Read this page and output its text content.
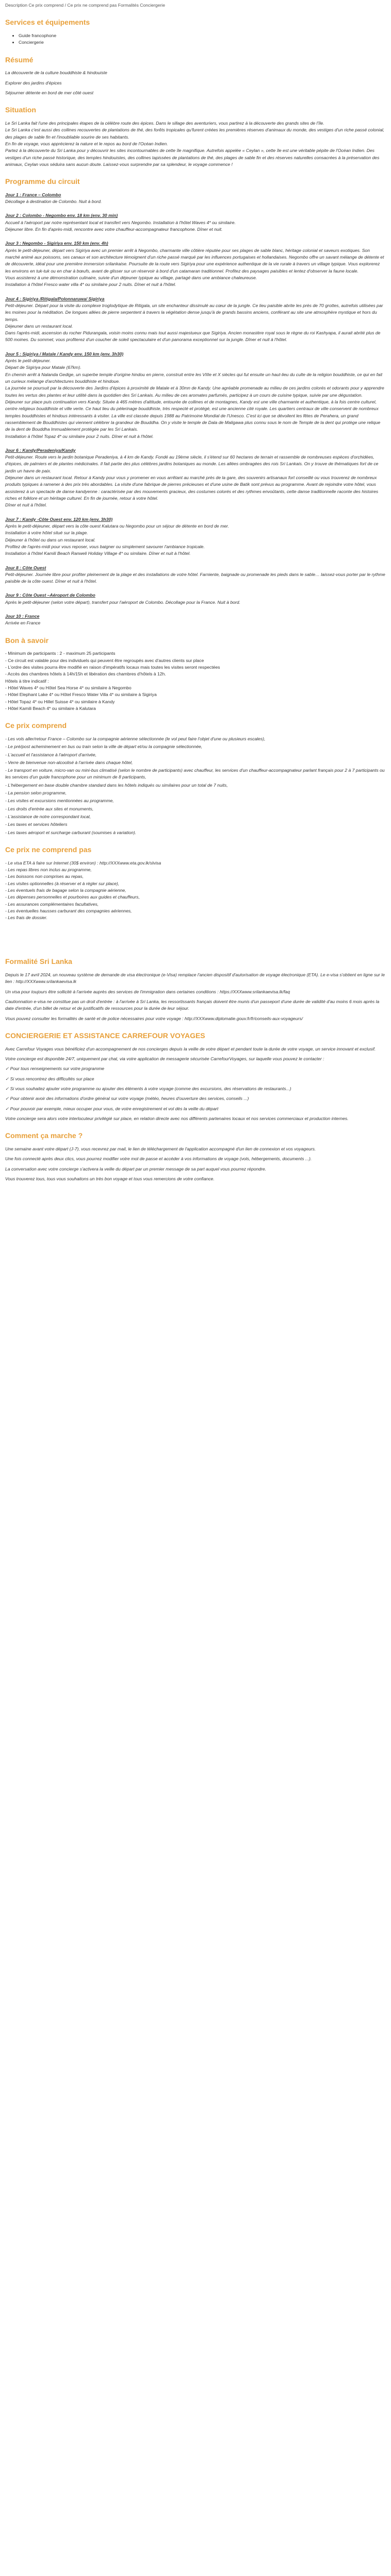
Description Ce prix comprend / Ce prix ne comprend pas Formalités Conciergerie
Services et équipements
• Guide francophone
• Conciergerie
Résumé

La découverte de la culture bouddhiste & hindouiste

Explorer des jardins d'épices

Séjourner détente en bord de mer côté ouest

Situation

Le Sri Lanka fait l'une des principales étapes de la célèbre route des épices. Dans le sillage des aventuriers, vous partirez à la découverte des grands sites de l'île.

Le Sri Lanka c'est aussi des collines recouvertes de plantations de thé, des forêts tropicales qu'furent créées les premières réserves d'animaux du monde, des vestiges d'un riche passé colonial, des plages de sable fin et l'inoubliable sourire de ses habitants.

En fin de voyage, vous apprécierez la nature et le repos au bord de l'Océan Indien.

Partez à la découverte du Sri Lanka pour y découvrir les sites incontournables de cette île magnifique. Autrefois appelée « Ceylan », cette île est une véritable pépite de l'Océan Indien. Des vestiges d'un riche passé historique, des temples hindouistes, des collines tapissées de plantations de thé, des plages de sable fin et des réserves naturelles consacrées à la préservation des animaux, Ceylan vous séduira sans aucun doute. Laissez-vous surprendre par sa splendeur, le voyage commence !

Programme du circuit

Jour 1 : France – Colombo

Décollage à destination de Colombo. Nuit à bord.

Jour 2 : Colombo - Negombo env. 18 km (env. 30 min)

Accueil à l'aéroport par notre représentant local et transfert vers Negombo. Installation à l'hôtel Waves 4* ou similaire.

Déjeuner libre. En fin d'après-midi, rencontre avec votre chauffeur-accompagnateur francophone. Dîner et nuit.

Jour 3 : Negombo - Sigiriya env. 150 km (env. 4h)

Après le petit-déjeuner, départ vers Sigiriya avec un premier arrêt à Negombo, charmante ville côtière réputée pour ses plages de sable blanc, héritage colonial et saveurs exotiques. Son marché animé aux poissons, ses canaux et son architecture témoignent d'un riche passé marqué par les influences portugaises et hollandaises. Negombo offre un savant mélange de détente et de découverte, idéal pour une première immersion srilankaise. Poursuite de la route vers Sigiriya pour une expérience authentique de la vie rurale à travers un village typique. Vous explorerez les environs en tuk-tuk ou en char à bœufs, avant de glisser sur un réservoir à bord d'un catamaran traditionnel. Profitez des paysages paisibles et lentez d'observer la faune locale.

Vous assisterez à une démonstration culinaire, suivie d'un déjeuner typique au village, partagé dans une ambiance chaleureuse.

Installation à l'hôtel Fresco water villa 4* ou similaire pour 2 nuits. Dîner et nuit à l'hôtel.

Jour 4 : Sigiriya /Ritigala/Polonnaruwa/ Sigiriya

Petit-déjeuner. Départ pour la visite du complexe troglodytique de Ritigala, un site enchanteur dissimulé au cœur de la jungle. Ce lieu paisible abrite les près de 70 grottes, autrefois utilisées par les moines pour la méditation. De longues allées de pierre serpentent à travers la végétation dense jusqu'à de grands bassins anciens, conférant au site une atmosphère mystique et hors du temps.

Déjeuner dans un restaurant local.

Dans l'après-midi, ascension du rocher Pidurangala, voisin moins connu mais tout aussi majestueux que Sigiriya. Ancien monastère royal sous le règne du roi Kashyapa, il aurait abrité plus de 500 moines. Du sommet, vous profiterez d'un coucher de soleil spectaculaire et d'un panorama exceptionnel sur la jungle. Dîner et nuit à l'hôtel.

Jour 5 : Sigiriya / Matale / Kandy env. 150 km (env. 3h30)

Après le petit-déjeuner.

Départ de Sigiriya pour Matale (67km).

En chemin arrêt à Nalanda Gedige, un superbe temple d'origine hindou en pierre, construit entre les VIIIe et X siècles qui fut ensuite un haut-lieu du culte de la religion bouddhiste, ce qui en fait un curieux mélange d'architectures bouddhiste et hindoue.

La journée se poursuit par la découverte des Jardins d'épices à proximité de Matale et à 30mn de Kandy. Une agréable promenade au milieu de ces jardins colorés et odorants pour y apprendre toutes les vertus des plantes et leur utilité dans la quotidien des Sri Lankais. Au milieu de ces aromates parfumés, participez à un cours de cuisine typique, suivie par une dégustation.

Déjeuner sur place puis continuation vers Kandy. Située à 465 mètres d'altitude, entourée de collines et de montagnes, Kandy est une ville charmante et authentique, à la fois centre culturel, centre religieux bouddhiste et ville verte. Ce haut lieu du pèlerinage bouddhiste, très respecté et protégé, est une ancienne cité royale. Les quartiers centraux de ville conservent de nombreux temples bouddhistes et hindous intéressants à visiter. La ville est classée depuis 1988 au Patrimoine Mondial de l'Unesco. C'est ici que se dévoilent les fêtes de Perahera, un grand rassemblement de Bouddhistes qui viennent célébrer la grandeur de Bouddha. On y visite le temple de Dala de Maligawa plus connu sous le nom de Temple de la dent qui protège une relique de la dent de Bouddha Immuablement protégée par les Sri Lankais.

Installation à l'hôtel Topaz 4* ou similaire pour 2 nuits. Dîner et nuit à l'hôtel.

Jour 6 : Kandy/Peradeniya/Kandy

Petit-déjeuner. Route vers le jardin botanique Peradeniya, à 4 km de Kandy. Fondé au 19ème siècle, il s'étend sur 60 hectares de terrain et rassemble de nombreuses espèces d'orchidées, d'épices, de palmiers et de plantes médicinales. Il fait partie des plus célèbres jardins botaniques au monde. Les allées ombragées des rois Sri Lankais. On y trouve de thématiques fort de ce jardin un havre de paix.

Déjeuner dans un restaurant local. Retour à Kandy pour vous y promener en vous arrêtant au marché près de la gare, des souvenirs artisanaux fort conseillé ou vous trouverez de nombreux produits typiques à ramener à des prix très abordables. La visite d'une fabrique de pierres précieuses et d'une usine de Batik sont prévus au programme. Avant de rejoindre votre hôtel, vous assisterez à un spectacle de danse kandyenne : caractérisée par des mouvements gracieux, des costumes colorés et des rythmes envoûtants, cette danse traditionnelle raconte des histoires riches et folklore et un héritage culturel. En fin de journée, retour à votre hôtel.

Dîner et nuit à l'hôtel.

Jour 7 : Kandy -Côte Ouest env. 120 km (env. 3h30)

Après le petit-déjeuner, départ vers la côte ouest Kalutara ou Negombo pour un séjour de détente en bord de mer.

Installation à votre hôtel situé sur la plage.

Déjeuner à l'hôtel ou dans un restaurant local.

Profitez de l'après-midi pour vous reposer, vous baigner ou simplement savourer l'ambiance tropicale.

Installation à l'hôtel Kamili Beach Ranweli Holiday Village 4* ou similaire. Dîner et nuit à l'hôtel.

Jour 8 : Côte Ouest

Petit-déjeuner. Journée libre pour profiter pleinement de la plage et des installations de votre hôtel. Farniente, baignade ou promenade les pieds dans le sable… laissez-vous porter par le rythme paisible de la côte ouest. Dîner et nuit à l'hôtel.

Jour 9 : Côte Ouest –Aéroport de Colombo

Après le petit-déjeuner (selon votre départ), transfert pour l'aéroport de Colombo. Décollage pour la France. Nuit à bord.

Jour 10 : France

Arrivée en France

Bon à savoir

- Minimum de participants : 2 - maximum 25 participants

- Ce circuit est valable pour des individuels qui peuvent être regroupés avec d'autres clients sur place

- L'ordre des visites pourra être modifié en raison d'impératifs locaux mais toutes les visites seront respectées

- Accès des chambres hôtels à 14h/15h et libération des chambres d'hôtels à 12h.

Hôtels à titre indicatif :

- Hôtel Waves 4* ou Hôtel Sea Horse 4* ou similaire à Negombo

- Hôtel Elephant Lake 4* ou Hôtel Fresco Water Villa 4* ou similaire à Sigiriya

- Hôtel Topaz 4* ou Hillel Suisse 4* ou similaire à Kandy

- Hôtel Kamili Beach 4* ou similaire à Kalutara

Ce prix comprend

- Les vols aller/retour France – Colombo sur la compagnie aérienne sélectionnée (le vol peut faire l'objet d'une ou plusieurs escales),

- Le pré/post acheminement en bus ou train selon la ville de départ et/ou la compagnie sélectionnée,

- L'accueil et l'assistance à l'aéroport d'arrivée,

- Verre de bienvenue non-alcoolisé à l'arrivée dans chaque hôtel,

- Le transport en voiture, micro-van ou mini-bus climatisé (selon le nombre de participants) avec chauffeur, les services d'un chauffeur-accompagnateur parlant français pour 2 à 7 participants ou les services d'un guide francophone pour un minimum de 8 participants,

- L'hébergement en base double chambre standard dans les hôtels indiqués ou similaires pour un total de 7 nuits,

- La pension selon programme,

- Les visites et excursions mentionnées au programme,

- Les droits d'entrée aux sites et monuments,

- L'assistance de notre correspondant local,

- Les taxes et services hôteliers

- Les taxes aéroport et surcharge carburant (soumises à variation).

Ce prix ne comprend pas

- Le visa ETA à faire sur Internet (30$ environ) : http://XXXwww.eta.gov.lk/slvisa

- Les repas libres non inclus au programme,

- Les boissons non comprises au repas,

- Les visites optionnelles (à réserver et à régler sur place),

- Les éventuels frais de bagage selon la compagnie aérienne,

- Les dépenses personnelles et pourboires aux guides et chauffeurs,

- Les assurances complémentaires facultatives,

- Les éventuelles hausses carburant des compagnies aériennes,

- Les frais de dossier.

Formalité Sri Lanka

Depuis le 17 avril 2024, un nouveau système de demande de visa électronique (e-Visa) remplace l'ancien dispositif d'autorisation de voyage électronique (ETA). Le e-visa s'obtient en ligne sur le lien : http://XXXwww.srilankaevisa.lk

Un visa pour toujours être sollicité à l'arrivée auprès des services de l'immigration dans certaines conditions : https://XXXwww.srilankaevisa.lk/faq

Cautionnation e-visa ne constitue pas un droit d'entrée : à l'arrivée à Sri Lanka, les ressortissants français doivent être munis d'un passeport d'une durée de validité d'au moins 6 mois après la date d'entrée, d'un billet de retour et de justificatifs de ressources pour la durée de leur séjour.

Vous pouvez consulter les formalités de santé et de police nécessaires pour votre voyage : http://XXXwww.diplomatie.gouv.fr/fr/conseils-aux-voyageurs/

CONCIERGERIE ET ASSISTANCE CARREFOUR VOYAGES

Avec Carrefour Voyages vous bénéficiez d'un accompagnement de nos concierges depuis la veille de votre départ et pendant toute la durée de votre voyage, un service innovant et exclusif.

Votre concierge est disponible 24/7, uniquement par chat, via votre application de messagerie sécurisée CarrefourVoyages, sur laquelle vous pouvez le contacter :

✓ Pour tous renseignements sur votre programme

✓ Si vous rencontrez des difficultés sur place

✓ Si vous souhaitez ajouter votre programme ou ajouter des éléments à votre voyage (comme des excursions, des réservations de restaurants...)

✓ Pour obtenir avoir des informations d'ordre général sur votre voyage (météo, heures d'ouverture des services, conseils ...)

✓ Pour pouvoir par exemple, mieux occuper pour vous, de votre enregistrement et vol dès la veille du départ

Votre concierge sera alors votre interlocuteur privilégié sur place, en relation directe avec nos différents partenaires locaux et nos services commerciaux et production internes.

Comment ça marche ?

Une semaine avant votre départ (J-7), vous recevrez par mail, le lien de téléchargement de l'application accompagné d'un lien de connexion et vos voyageurs.

Une fois connecté après deux clics, vous pourrez modifier votre mot de passe et accéder à vos informations de voyage (vols, hébergements, documents ...).

La conversation avec votre concierge s'activera la veille du départ par un premier message de sa part auquel vous pourrez répondre.

Vous trouverez tous, tous vous souhaitons un très bon voyage et tous vous remercions de votre confiance.
